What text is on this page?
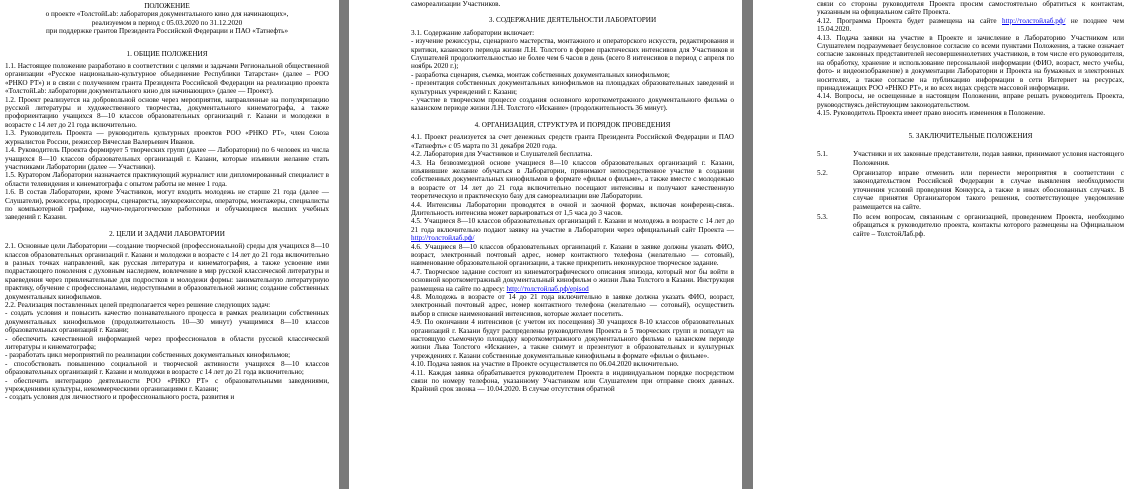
ПОЛОЖЕНИЕ
о проекте «ТолстойLab: лаборатория документального кино для начинающих»,
реализуемом в период с 05.03.2020 по 31.12.2020
при поддержке грантов Президента Российской Федерации и ПАО «Татнефть»
1. ОБЩИЕ ПОЛОЖЕНИЯ

1.1. Настоящее положение разработано в соответствии с целями и задачами Региональной общественной организации «Русское национально-культурное объединение Республики Татарстан» (далее – РОО «РНКО РТ») и в связи с получением гранта Президента Российской Федерации на реализацию проекта «ТолстойLab: лаборатории документального кино для начинающих» (далее — Проект).

1.2. Проект реализуется на добровольной основе через мероприятия, направленные на популяризацию русской литературы и художественного творчества, документального кинематографа, а также профориентацию учащихся 8—10 классов образовательных организаций г. Казани и молодежи в возрасте с 14 лет до 21 года включительно.

1.3. Руководитель Проекта — руководитель культурных проектов РОО «РНКО РТ», член Союза журналистов России, режиссер Вячеслав Валерьевич Иванов.

1.4. Руководитель Проекта формирует 5 творческих групп (далее — Лаборатории) по 6 человек из числа учащихся 8—10 классов образовательных организаций г. Казани, которые изъявили желание стать участниками Лаборатории (далее — Участники).

1.5. Куратором Лаборатории назначается практикующий журналист или дипломированный специалист в области телевидения и кинематографа с опытом работы не менее 1 года.

1.6. В состав Лаборатории, кроме Участников, могут входить молодежь не старше 21 года (далее — Слушатели), режиссеры, продюсеры, сценаристы, звукорежиссеры, операторы, монтажеры, специалисты по компьютерной графике, научно-педагогические работники и обучающиеся высших учебных заведений г. Казани.

2. ЦЕЛИ И ЗАДАЧИ ЛАБОРАТОРИИ

2.1. Основные цели Лаборатории —создание творческой (профессиональной) среды для учащихся 8—10 классов образовательных организаций г. Казани и молодежи в возрасте с 14 лет до 21 года включительно в разных точках направлений, как русская литература и кинематография, а также усвоение ими подрастающего поколения с духовным наследием, вовлечение в мир русской классической литературы и краеведения через привлекательные для подростков и молодежи формы: занимательную литературную практику, обучение с профессионалами, недоступными в образовательной жизни; создание собственных документальных кинофильмов.

2.2. Реализация поставленных целей предполагается через решение следующих задач:

- создать условия и повысить качество познавательного процесса в рамках реализации собственных документальных кинофильмов (продолжительность 10—30 минут) учащимися 8—10 классов образовательных организаций г. Казани;

- обеспечить качественной информацией через профессионалов в области русской классической литературы и кинематографа;

- разработать цикл мероприятий по реализации собственных документальных кинофильмов;

- способствовать повышению социальной и творческой активности учащихся 8—10 классов образовательных организаций г. Казани и молодежи в возрасте с 14 лет до 21 года включительно;

- обеспечить интеграцию деятельности РОО «РНКО РТ» с образовательными заведениями, учреждениями культуры, некоммерческими организациями г. Казани;

- создать условия для личностного и профессионального роста, развития и

самореализации Участников.

3. СОДЕРЖАНИЕ ДЕЯТЕЛЬНОСТИ ЛАБОРАТОРИИ

3.1. Содержание лаборатории включает:

- изучение режиссуры, сценарного мастерства, монтажного и операторского искусств, редактирования и критики, казанского периода жизни Л.Н. Толстого в форме практических интенсивов для Участников и Слушателей продолжительностью не более чем 6 часов в день (всего 8 интенсивов в период с апреля по ноябрь 2020 г.);

- разработка сценария, съемка, монтаж собственных документальных кинофильмов;

- презентация собственных документальных кинофильмов на площадках образовательных заведений и культурных учреждений г. Казани;

- участие в творческом процессе создания основного короткометражного документального фильма о казанском периоде жизни Л.Н. Толстого «Искание» (продолжительность 36 минут).

4. ОРГАНИЗАЦИЯ, СТРУКТУРА И ПОРЯДОК ПРОВЕДЕНИЯ

4.1. Проект реализуется за счет денежных средств гранта Президента Российской Федерации и ПАО «Татнефть» с 05 марта по 31 декабря 2020 года.

4.2. Лаборатория для Участников и Слушателей бесплатна.

4.3. На безвозмездной основе учащиеся 8—10 классов образовательных организаций г. Казани, изъявившие желание обучаться в Лаборатории, принимают непосредственное участие в создании собственных документальных кинофильмов в формате «фильм о фильме», а также вместе с молодежью в возрасте от 14 лет до 21 года включительно посещают интенсивы и получают качественную теоретическую и практическую базу для самореализации вне Лаборатории.

4.4. Интенсивы Лаборатории проводятся в очной и заочной формах, включая конференц-связь. Длительность интенсива может варьироваться от 1,5 часа до 3 часов.

4.5. Учащиеся 8—10 классов образовательных организаций г. Казани и молодежь в возрасте с 14 лет до 21 года включительно подают заявку на участие в Лаборатории через официальный сайт Проекта — http://толстойлаб.рф/

4.6. Учащиеся 8—10 классов образовательных организаций г. Казани в заявке должны указать ФИО, возраст, электронный почтовый адрес, номер контактного телефона (желательно — сотовый), наименование образовательной организации, а также прикрепить неконкурсное творческое задание.

4.7. Творческое задание состоит из кинематографического описания эпизода, который мог бы войти в основной короткометражный документальный кинофильм о жизни Льва Толстого в Казани. Инструкция размещена на сайте по адресу: http://толстойлаб.рф/episod

4.8. Молодежь в возрасте от 14 до 21 года включительно в заявке должна указать ФИО, возраст, электронный почтовый адрес, номер контактного телефона (желательно — сотовый), осуществить выбор в списке наименований интенсивов, которые желает посетить.

4.9. По окончании 4 интенсивов (с учетом их посещения) 30 учащихся 8-10 классов образовательных организаций г. Казани будут распределены руководителем Проекта в 5 творческих групп и попадут на настоящую съемочную площадку короткометражного документального фильма о казанском периоде жизни Льва Толстого «Искание», а также снимут и презентуют в образовательных и культурных учреждениях г. Казани собственные документальные кинофильмы в формате «фильм о фильме».

4.10. Подача заявок на участие в Проекте осуществляется по 06.04.2020 включительно.

4.11. Каждая заявка обрабатывается руководителем Проекта в индивидуальном порядке посредством связи по номеру телефона, указанному Участником или Слушателем при отправке своих данных. Крайний срок звонка — 10.04.2020. В случае отсутствия обратной

связи со стороны руководителя Проекта просим самостоятельно обратиться к контактам, указанным на официальном сайте Проекта.

4.12. Программа Проекта будет размещена на сайте http://толстойлаб.рф/ не позднее чем 15.04.2020.

4.13. Подача заявки на участие в Проекте и зачисление в Лабораторию Участником или Слушателем подразумевает безусловное согласие со всеми пунктами Положения, а также означает согласие законных представителей несовершеннолетних участников, в том числе его руководителя, на обработку, хранение и использование персональной информации (ФИО, возраст, место учебы, фото- и видеоизображение) в документации Лаборатории и Проекта на бумажных и электронных носителях, а также согласие на публикацию информации в сети Интернет на ресурсах, принадлежащих РОО «РНКО РТ», и во всех видах средств массовой информации.

4.14. Вопросы, не освещенные в настоящем Положении, вправе решать руководитель Проекта, руководствуясь действующим законодательством.

4.15. Руководитель Проекта имеет право вносить изменения в Положение.

5. ЗАКЛЮЧИТЕЛЬНЫЕ ПОЛОЖЕНИЯ
5.1.	Участники и их законные представители, подав заявки, принимают условия настоящего Положения.
5.2.	Организатор вправе отменить или перенести мероприятия в соответствии с законодательством Российской Федерации в случае выявления необходимости уточнения условий проведения Конкурса, а также в иных обоснованных случаях. В случае принятия Организатором такого решения, соответствующее уведомление размещается на сайте.
5.3.	По всем вопросам, связанным с организацией, проведением Проекта, необходимо обращаться к руководителю проекта, контакты которого размещены на Официальном сайте – ТолстойЛаб.рф.
